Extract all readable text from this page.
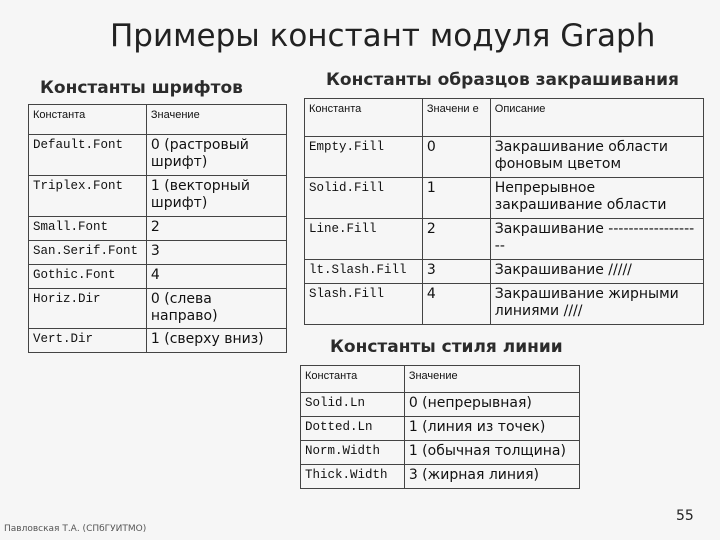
Примеры констант модуля Graph
Константы шрифтов	Константы образцов закрашивания
Константы стиля линии
Константа	Значение
Default.Font	0 (растровый шрифт)
Triplex.Font	1 (векторный шрифт)
Small.Font	2
San.Serif.Font	3
Gothic.Font	4
Horiz.Dir	0 (слева направо)
Vert.Dir	1 (сверху вниз)
Константа	Значени е	Описание
Empty.Fill	0	Закрашивание области фоновым цветом
Solid.Fill	1	Непрерывное закрашивание области
Line.Fill	2	Закрашивание -------------------
lt.Slash.Fill	3	Закрашивание /////
Slash.Fill	4	Закрашивание жирными линиями ////
Константа	Значение
Solid.Ln	0 (непрерывная)
Dotted.Ln	1 (линия из точек)
Norm.Width	1 (обычная толщина)
Thick.Width	3 (жирная линия)
Павловская Т.А. (СПбГУИТМО)
55
